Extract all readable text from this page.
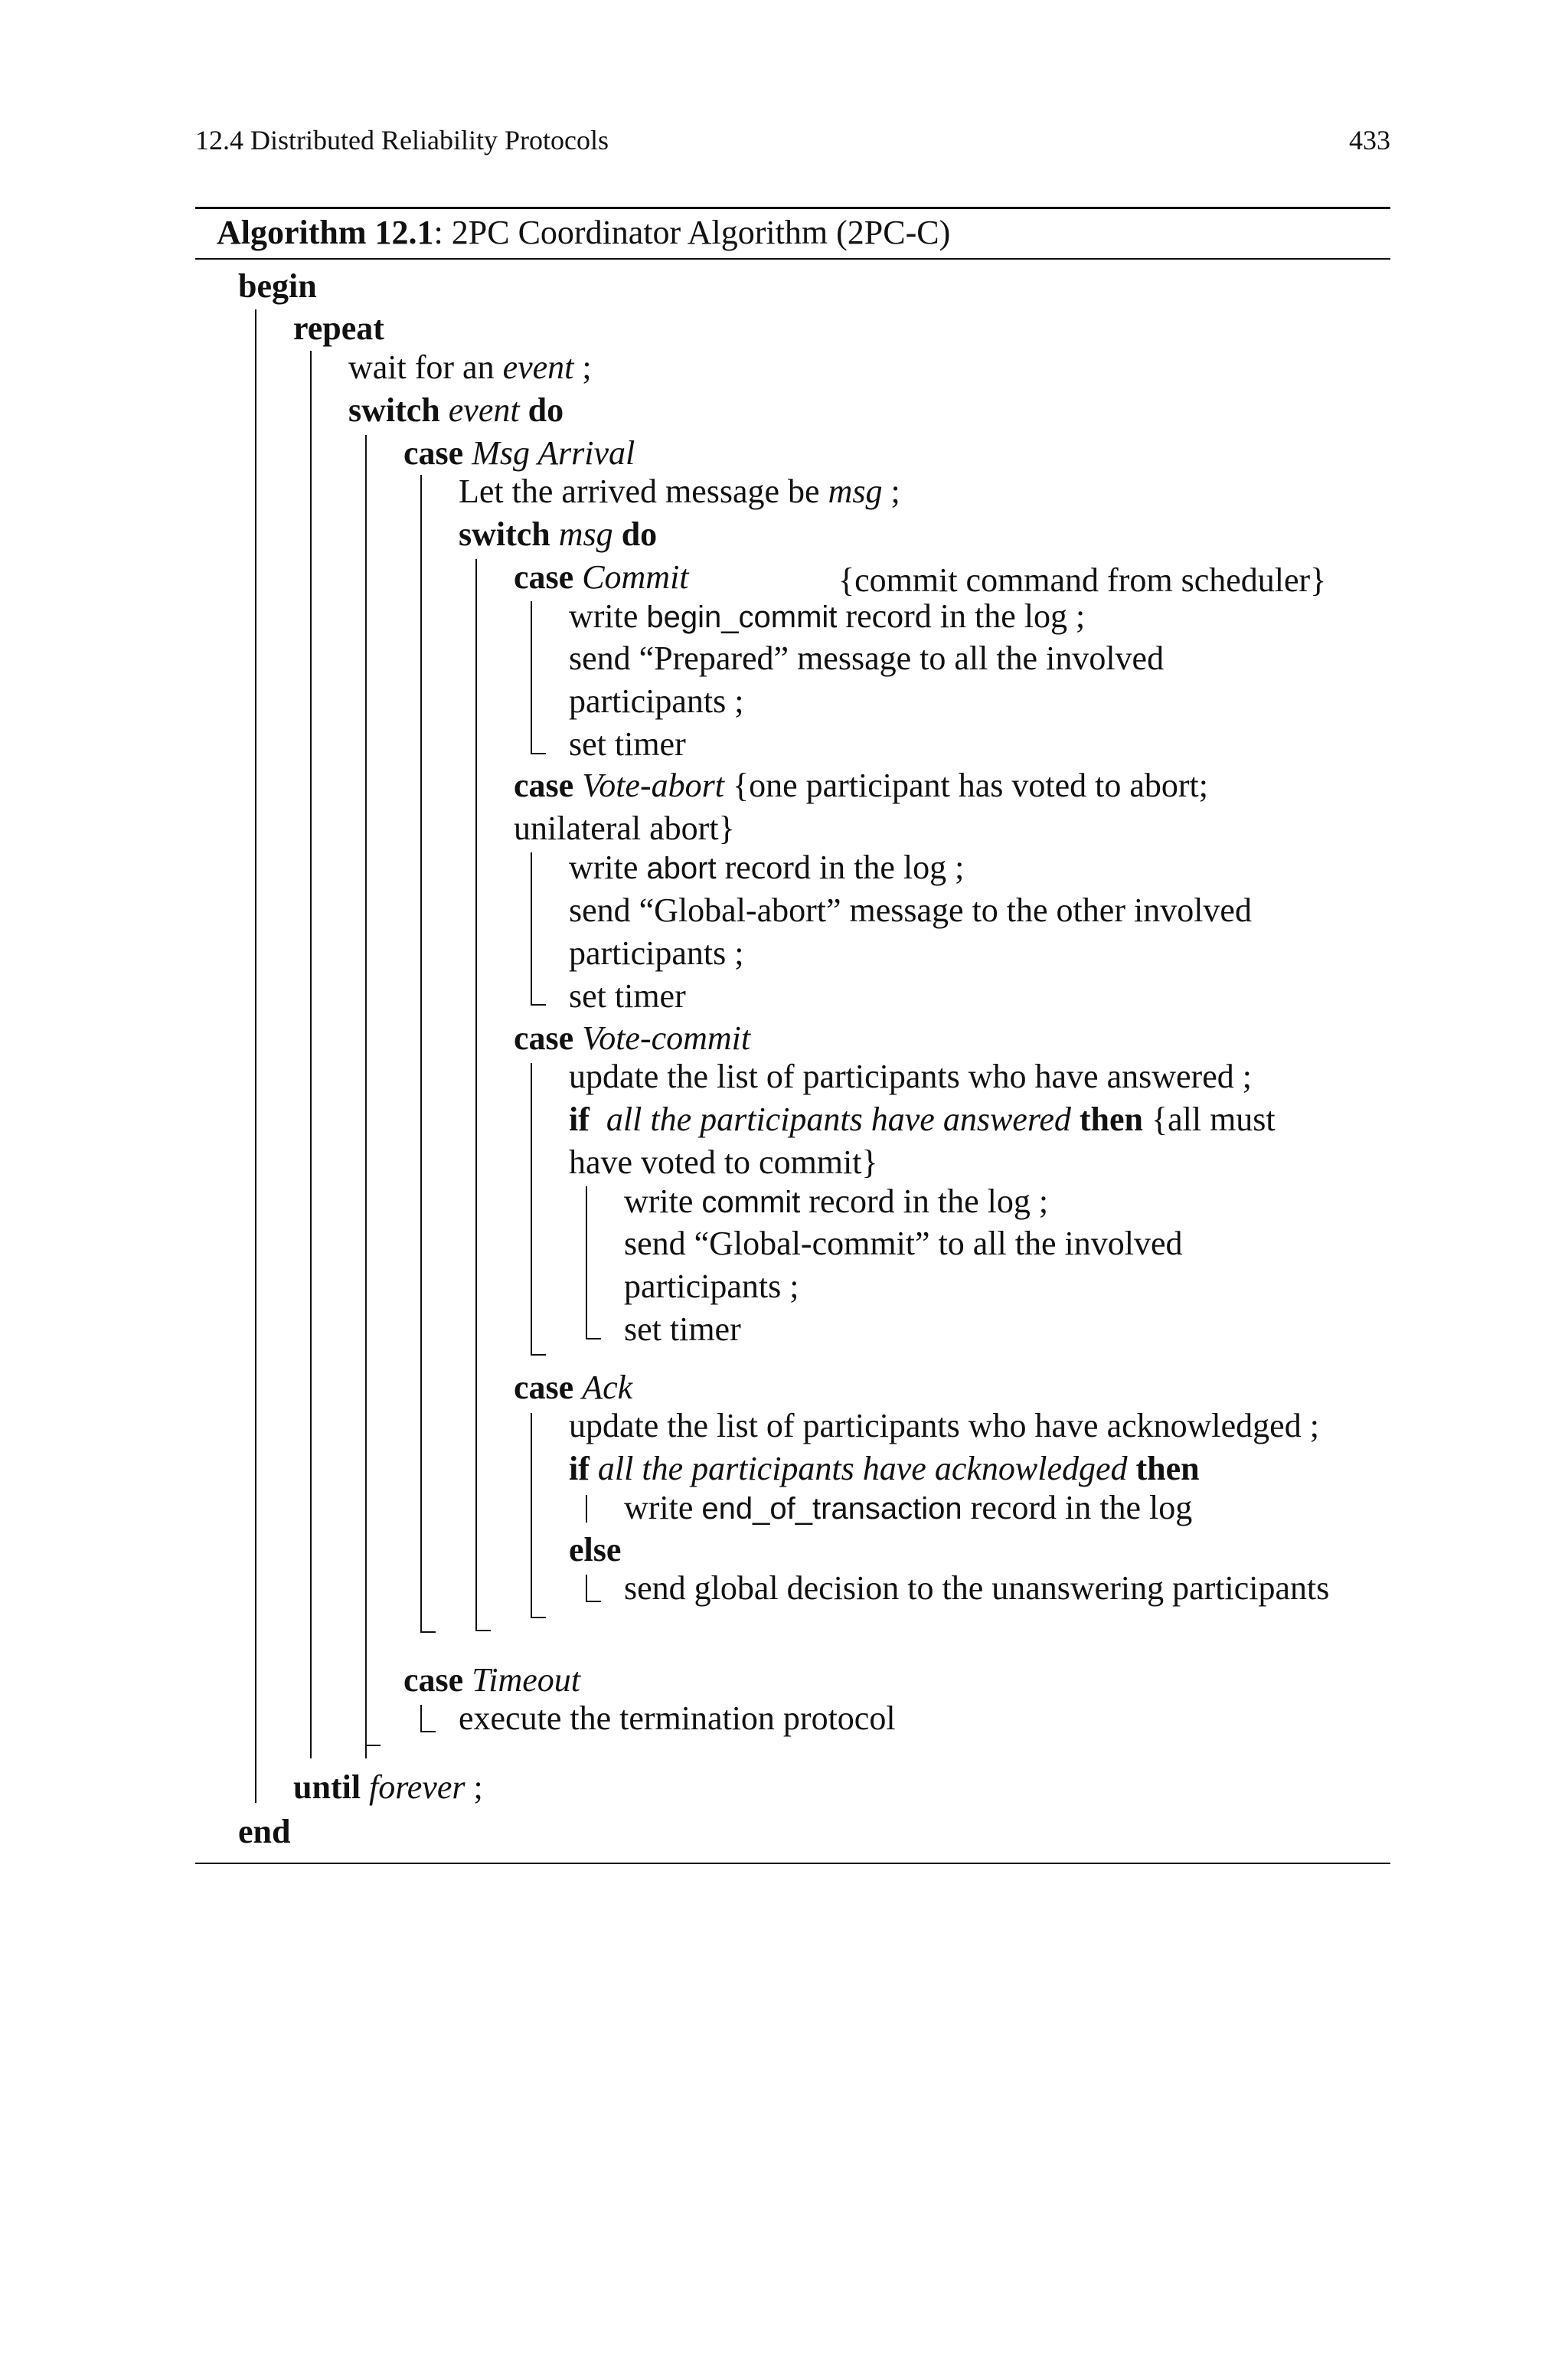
12.4 Distributed Reliability Protocols	433
Algorithm 12.1: 2PC Coordinator Algorithm (2PC-C)
begin
repeat
wait for an event ;
switch event do
case Msg Arrival
Let the arrived message be msg ;
switch msg do
case Commit	{commit command from scheduler}
write begin_commit record in the log ;
send “Prepared” message to all the involved
participants ;
set timer
case Vote-abort {one participant has voted to abort;
unilateral abort}
write abort record in the log ;
send “Global-abort” message to the other involved
participants ;
set timer
case Vote-commit
update the list of participants who have answered ;
if all the participants have answered then {all must
have voted to commit}
write commit record in the log ;
send “Global-commit” to all the involved
participants ;
set timer
case Ack
update the list of participants who have acknowledged ;
if all the participants have acknowledged then
write end_of_transaction record in the log
else
send global decision to the unanswering participants
case Timeout
execute the termination protocol
until forever ;
end
